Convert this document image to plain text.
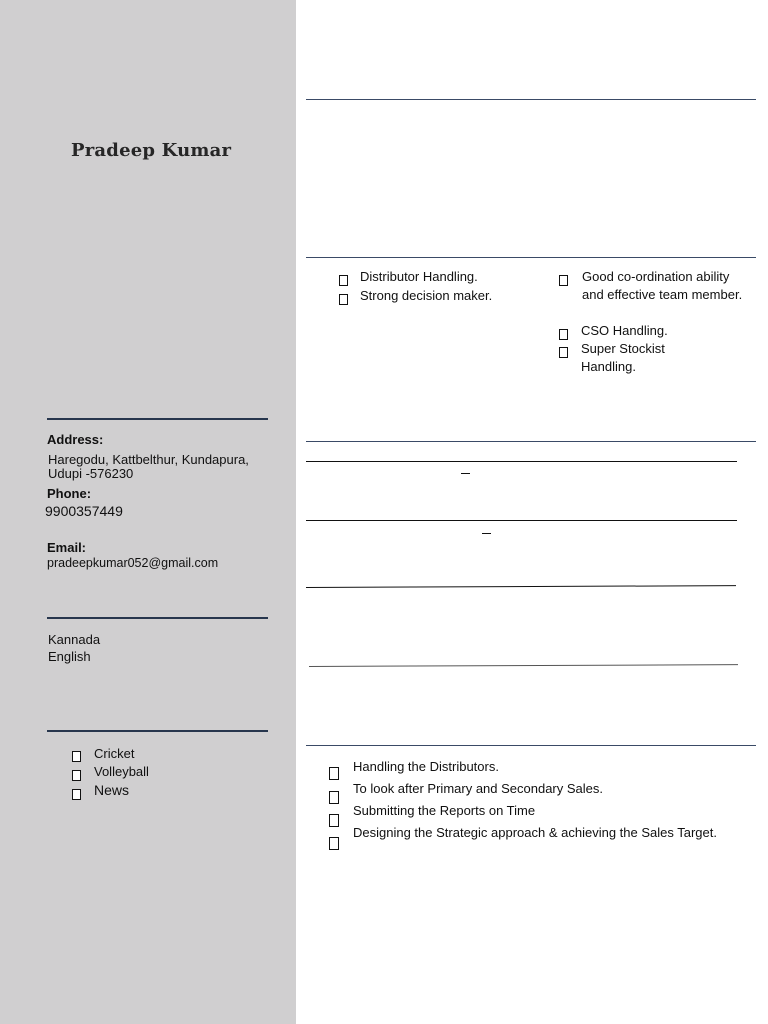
Pradeep Kumar
Address:
Haregodu, Kattbelthur, Kundapura,
Udupi -576230
Phone:
9900357449
Email:
pradeepkumar052@gmail.com
Kannada
English
Cricket
Volleyball
News
Distributor Handling.
Strong decision maker.
Good co-ordination ability and effective team member.
CSO Handling.
Super Stockist Handling.
Handling the Distributors.
To look after Primary and Secondary Sales.
Submitting the Reports on Time
Designing the Strategic approach & achieving the Sales Target.
